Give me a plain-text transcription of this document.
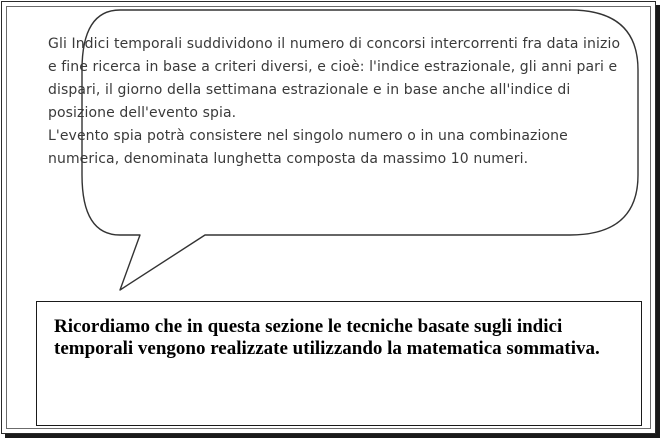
Gli Indici temporali suddividono il numero di concorsi intercorrenti fra data inizio e fine ricerca in base a criteri diversi, e cioè: l'indice estrazionale, gli anni pari e dispari, il giorno della settimana estrazionale e in base anche all'indice di posizione dell'evento spia.

L'evento spia potrà consistere nel singolo numero o in una combinazione numerica, denominata lunghetta composta da massimo 10 numeri.

Ricordiamo che in questa sezione le tecniche basate sugli indici temporali vengono realizzate utilizzando la matematica sommativa.
